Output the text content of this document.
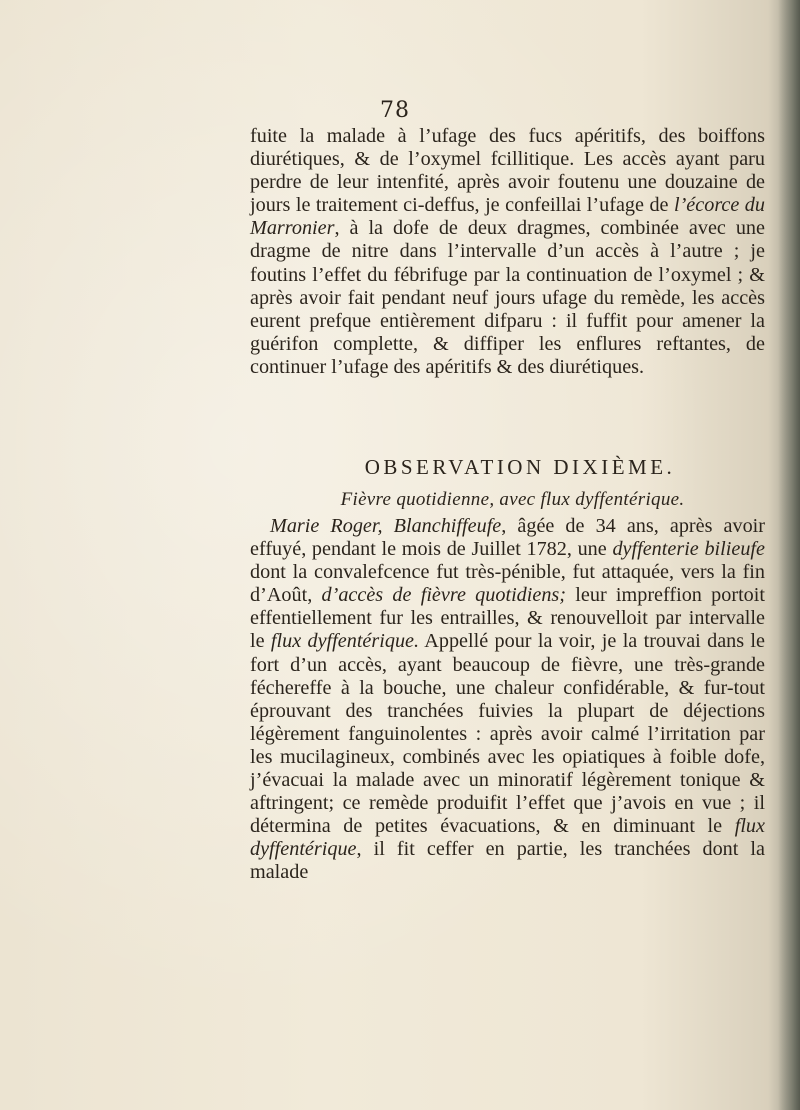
78

fuite la malade à l’ufage des fucs apéritifs, des boiffons diurétiques, & de l’oxymel fcillitique. Les accès ayant paru perdre de leur intenfité, après avoir foutenu une douzaine de jours le traitement ci-deffus, je confeillai l’ufage de l’écorce du Marronier, à la dofe de deux dragmes, combinée avec une dragme de nitre dans l’intervalle d’un accès à l’autre ; je foutins l’effet du fébrifuge par la continuation de l’oxymel ; & après avoir fait pendant neuf jours ufage du remède, les accès eurent prefque entièrement difparu : il fuffit pour amener la guérifon complette, & diffiper les enflures reftantes, de continuer l’ufage des apéritifs & des diurétiques.

OBSERVATION DIXIÈME.
Fièvre quotidienne, avec flux dyffentérique.

Marie Roger, Blanchiffeufe, âgée de 34 ans, après avoir effuyé, pendant le mois de Juillet 1782, une dyffenterie bilieufe dont la convalefcence fut très-pénible, fut attaquée, vers la fin d’Août, d’accès de fièvre quotidiens; leur impreffion portoit effentiellement fur les entrailles, & renouvelloit par intervalle le flux dyffentérique. Appellé pour la voir, je la trouvai dans le fort d’un accès, ayant beaucoup de fièvre, une très-grande féchereffe à la bouche, une chaleur confidérable, & fur-tout éprouvant des tranchées fuivies la plupart de déjections légèrement fanguinolentes : après avoir calmé l’irritation par les mucilagineux, combinés avec les opiatiques à foible dofe, j’évacuai la malade avec un minoratif légèrement tonique & aftringent; ce remède produifit l’effet que j’avois en vue ; il détermina de petites évacuations, & en diminuant le flux dyffentérique, il fit ceffer en partie, les tranchées dont la malade
